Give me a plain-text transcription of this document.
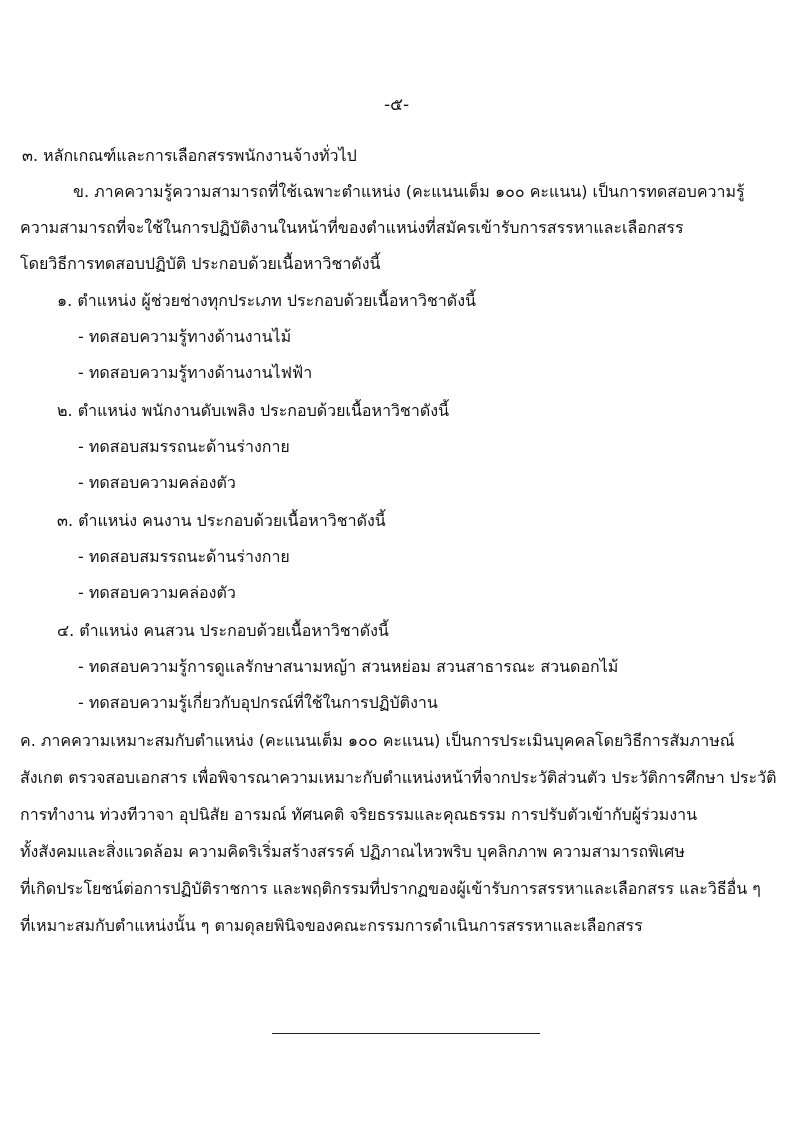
-๕-
๓. หลักเกณฑ์และการเลือกสรรพนักงานจ้างทั่วไป
ข. ภาคความรู้ความสามารถที่ใช้เฉพาะตำแหน่ง (คะแนนเต็ม ๑๐๐ คะแนน) เป็นการทดสอบความรู้
ความสามารถที่จะใช้ในการปฏิบัติงานในหน้าที่ของตำแหน่งที่สมัครเข้ารับการสรรหาและเลือกสรร
โดยวิธีการทดสอบปฏิบัติ ประกอบด้วยเนื้อหาวิชาดังนี้
๑. ตำแหน่ง ผู้ช่วยช่างทุกประเภท ประกอบด้วยเนื้อหาวิชาดังนี้
- ทดสอบความรู้ทางด้านงานไม้
- ทดสอบความรู้ทางด้านงานไฟฟ้า
๒. ตำแหน่ง พนักงานดับเพลิง ประกอบด้วยเนื้อหาวิชาดังนี้
- ทดสอบสมรรถนะด้านร่างกาย
- ทดสอบความคล่องตัว
๓. ตำแหน่ง คนงาน ประกอบด้วยเนื้อหาวิชาดังนี้
- ทดสอบสมรรถนะด้านร่างกาย
- ทดสอบความคล่องตัว
๔. ตำแหน่ง คนสวน ประกอบด้วยเนื้อหาวิชาดังนี้
- ทดสอบความรู้การดูแลรักษาสนามหญ้า สวนหย่อม สวนสาธารณะ สวนดอกไม้
- ทดสอบความรู้เกี่ยวกับอุปกรณ์ที่ใช้ในการปฏิบัติงาน
ค. ภาคความเหมาะสมกับตำแหน่ง (คะแนนเต็ม ๑๐๐ คะแนน) เป็นการประเมินบุคคลโดยวิธีการสัมภาษณ์
สังเกต ตรวจสอบเอกสาร เพื่อพิจารณาความเหมาะกับตำแหน่งหน้าที่จากประวัติส่วนตัว ประวัติการศึกษา ประวัติ
การทำงาน ท่วงทีวาจา อุปนิสัย อารมณ์ ทัศนคติ จริยธรรมและคุณธรรม การปรับตัวเข้ากับผู้ร่วมงาน
ทั้งสังคมและสิ่งแวดล้อม ความคิดริเริ่มสร้างสรรค์ ปฏิภาณไหวพริบ บุคลิกภาพ ความสามารถพิเศษ
ที่เกิดประโยชน์ต่อการปฏิบัติราชการ และพฤติกรรมที่ปรากฏของผู้เข้ารับการสรรหาและเลือกสรร และวิธีอื่น ๆ
ที่เหมาะสมกับตำแหน่งนั้น ๆ ตามดุลยพินิจของคณะกรรมการดำเนินการสรรหาและเลือกสรร
